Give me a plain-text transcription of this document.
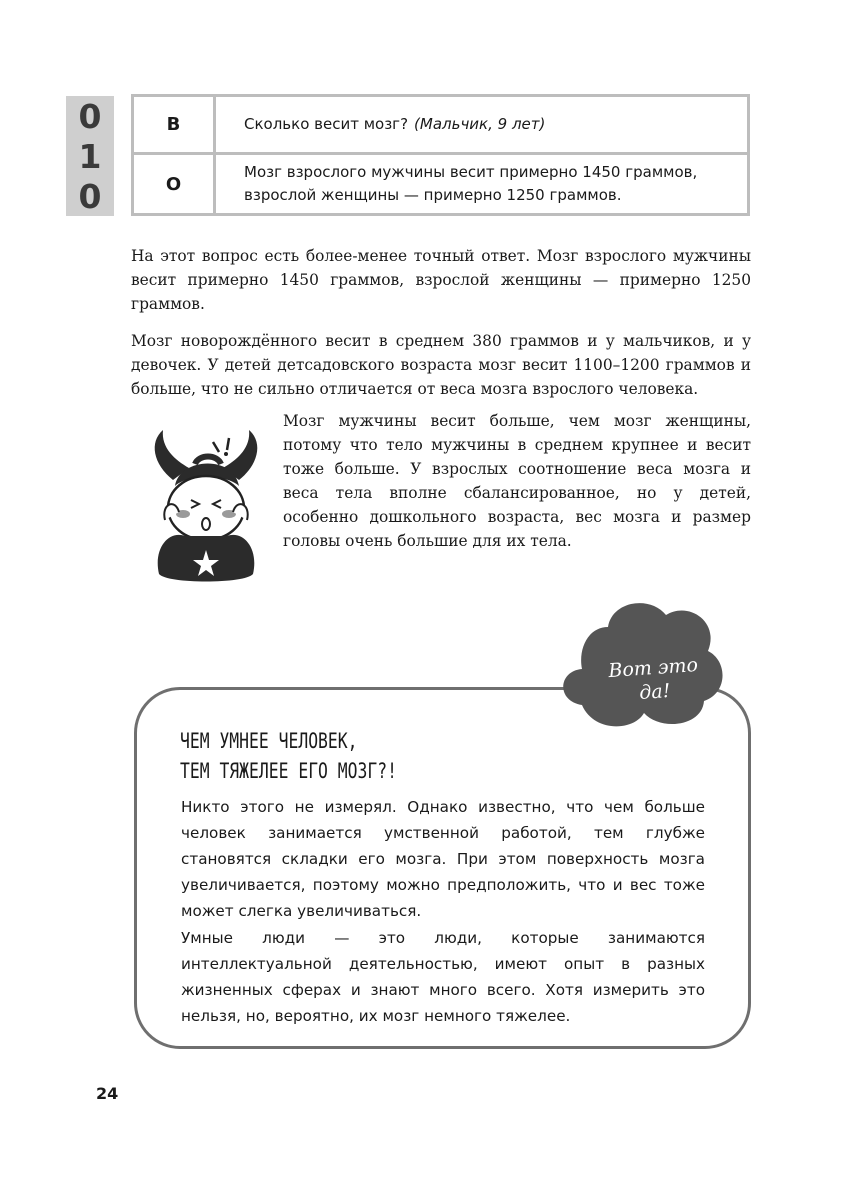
0
1
0
В	Сколько весит мозг? (Мальчик, 9 лет)
О
Мозг взрослого мужчины весит примерно 1450 граммов,
взрослой женщины — примерно 1250 граммов.

На этот вопрос есть более-менее точный ответ. Мозг взрослого мужчины весит примерно 1450 граммов, взрослой женщины — примерно 1250 граммов.

Мозг новорождённого весит в среднем 380 граммов и у мальчиков, и у девочек. У детей детсадовского возраста мозг весит 1100–1200 граммов и больше, что не сильно отличается от веса мозга взрослого человека.

Мозг мужчины весит больше, чем мозг женщины, потому что тело мужчины в среднем крупнее и весит тоже больше. У взрослых соотношение веса мозга и веса тела вполне сбалансированное, но у детей, особенно дошкольного возраста, вес мозга и размер головы очень большие для их тела.

Вот это
да!
ЧЕМ УМНЕЕ ЧЕЛОВЕК,
ТЕМ ТЯЖЕЛЕЕ ЕГО МОЗГ?!

Никто этого не измерял. Однако известно, что чем больше человек занимается умственной работой, тем глубже становятся складки его мозга. При этом поверхность мозга увеличивается, поэтому можно предположить, что и вес тоже может слегка увеличиваться.

Умные люди — это люди, которые занимаются интеллектуальной деятельностью, имеют опыт в разных жизненных сферах и знают много всего. Хотя измерить это нельзя, но, вероятно, их мозг немного тяжелее.

24
